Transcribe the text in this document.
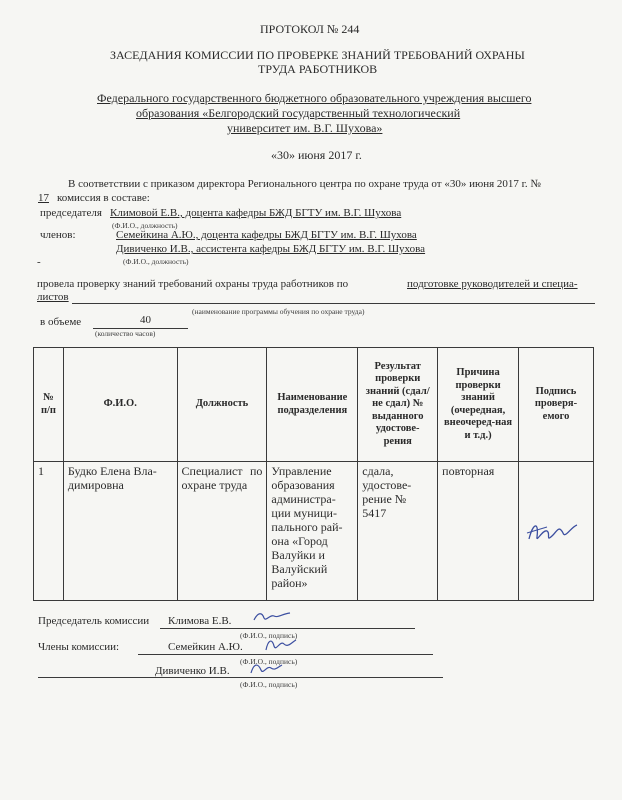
ПРОТОКОЛ № 244
ЗАСЕДАНИЯ КОМИССИИ ПО ПРОВЕРКЕ ЗНАНИЙ ТРЕБОВАНИЙ ОХРАНЫ
ТРУДА РАБОТНИКОВ
Федерального государственного бюджетного образовательного учреждения высшего
образования «Белгородский государственный технологический
университет им. В.Г. Шухова»
«30» июня 2017 г.
В соответствии с приказом директора Регионального центра по охране труда от «30» июня 2017 г. №
17 комиссия в составе:
председателя Климовой Е.В., доцента кафедры БЖД БГТУ им. В.Г. Шухова
(Ф.И.О., должность)
членов:	Семейкина А.Ю., доцента кафедры БЖД БГТУ им. В.Г. Шухова
Дивиченко И.В., ассистента кафедры БЖД БГТУ им. В.Г. Шухова
(Ф.И.О., должность)
-
провела проверку знаний требований охраны труда работников по	подготовке руководителей и специа-
листов
(наименование программы обучения по охране труда)
в объеме	40
(количество часов)
№ п/п	Ф.И.О.	Должность	Наименование подразделения	Результат проверки знаний (сдал/ не сдал) № выданного удостове-рения	Причина проверки знаний (очередная, внеочеред-ная и т.д.)	Подпись проверя-емого
1	Будко Елена Вла-димировна	Специалист по охране труда	Управление образования администра-ции муници-пального рай-она «Город Валуйки и Валуйский район»	сдала, удостове-рение № 5417	повторная	
Председатель комиссии Климова Е.В.
(Ф.И.О., подпись)
Члены комиссии:	Семейкин А.Ю.
(Ф.И.О., подпись)
Дивиченко И.В.
(Ф.И.О., подпись)
